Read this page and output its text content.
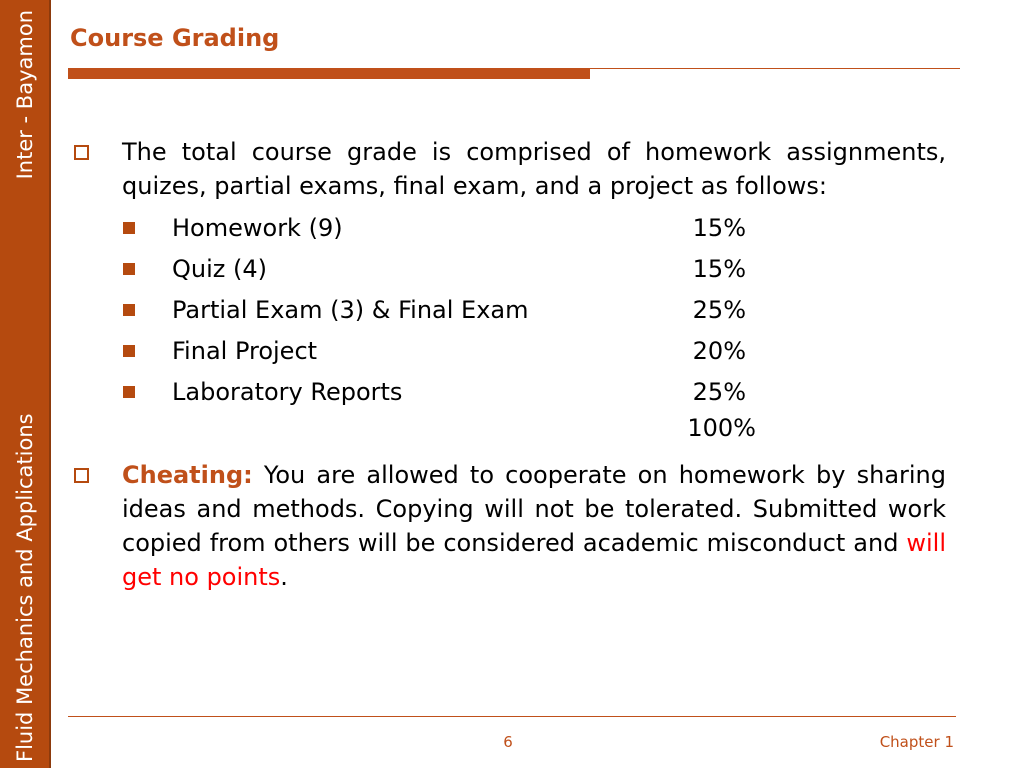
Fluid Mechanics and Applications
Inter - Bayamon Course Grading
The total course grade is comprised of homework assignments, quizes, partial exams, final exam, and a project as follows:
Homework (9)	15%
Quiz (4)	15%
Partial Exam (3) & Final Exam	25%
Final Project	20%
Laboratory Reports	25%
100%
Cheating: You are allowed to cooperate on homework by sharing ideas and methods. Copying will not be tolerated. Submitted work copied from others will be considered academic misconduct and will get no points.
6	Chapter 1
